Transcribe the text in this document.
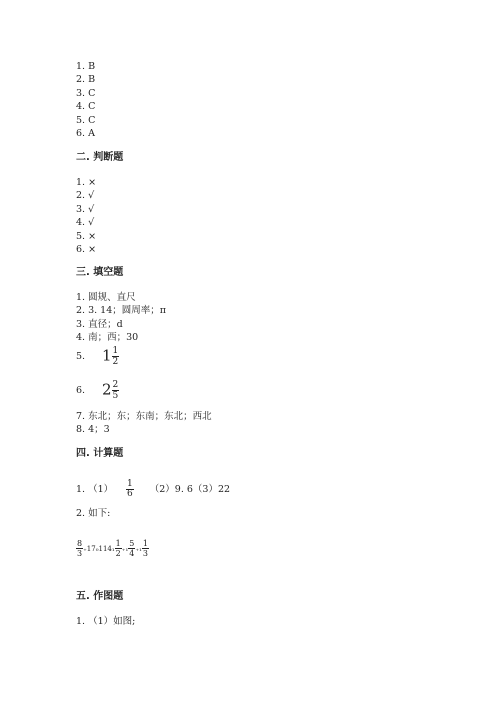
1. B
2. B
3. C
4. C
5. C
6. A
二. 判断题
1. ×
2. √
3. √
4. √
5. ×
6. ×
三. 填空题
1. 圆规、直尺
2. 3. 14；圆周率；π
3. 直径；d
4. 南；西；30
5.	$1 \frac{1}{2}$
6.	$2 \frac{2}{5}$
7. 东北；东；东南；东北；西北
8. 4；3
四. 计算题
1. （1）	$\frac{1}{6} (2)9$. 6（3）22
2. 如下:
$\frac{8}{3} _+17_0114_1 \frac{1}{2} _{+1} \frac{5}{4} _{+1} \frac{1}{3}$
五. 作图题
1. （1）如图;
